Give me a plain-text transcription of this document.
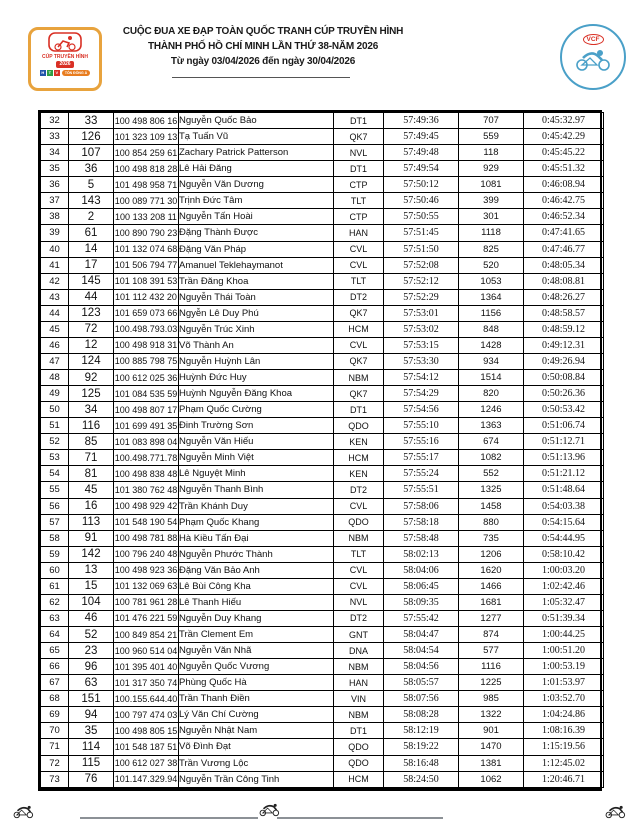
CÚP TRUYỀN HÌNH
2026
H	T	V	TÔN ĐÔNG Á
CUỘC ĐUA XE ĐẠP TOÀN QUỐC TRANH CÚP TRUYỀN HÌNH
THÀNH PHỐ HỒ CHÍ MINH LẦN THỨ 38-NĂM 2026
Từ ngày 03/04/2026 đến ngày 30/04/2026
VCF
32	33	100 498 806 16	Nguyễn Quốc Bảo	DT1	57:49:36	707	0:45:32.97
33	126	101 323 109 13	Tạ Tuấn Vũ	QK7	57:49:45	559	0:45:42.29
34	107	100 854 259 61	Zachary Patrick Patterson	NVL	57:49:48	118	0:45:45.22
35	36	100 498 818 28	Lê Hải Đăng	DT1	57:49:54	929	0:45:51.32
36	5	101 498 958 71	Nguyễn Văn Dương	CTP	57:50:12	1081	0:46:08.94
37	143	100 089 771 30	Trịnh Đức Tâm	TLT	57:50:46	399	0:46:42.75
38	2	100 133 208 11	Nguyễn Tấn Hoài	CTP	57:50:55	301	0:46:52.34
39	61	100 890 790 23	Đặng Thành Được	HAN	57:51:45	1118	0:47:41.65
40	14	101 132 074 68	Đặng Văn Pháp	CVL	57:51:50	825	0:47:46.77
41	17	101 506 794 77	Amanuel Teklehaymanot	CVL	57:52:08	520	0:48:05.34
42	145	101 108 391 53	Trần Đăng Khoa	TLT	57:52:12	1053	0:48:08.81
43	44	101 112 432 20	Nguyễn Thái Toàn	DT2	57:52:29	1364	0:48:26.27
44	123	101 659 073 66	Ngyễn Lê Duy Phú	QK7	57:53:01	1156	0:48:58.57
45	72	100.498.793.03	Nguyễn Trúc Xinh	HCM	57:53:02	848	0:48:59.12
46	12	100 498 918 31	Võ Thành An	CVL	57:53:15	1428	0:49:12.31
47	124	100 885 798 75	Nguyễn Huỳnh Lân	QK7	57:53:30	934	0:49:26.94
48	92	100 612 025 36	Huỳnh Đức Huy	NBM	57:54:12	1514	0:50:08.84
49	125	101 084 535 59	Huỳnh Nguyễn Đăng Khoa	QK7	57:54:29	820	0:50:26.36
50	34	100 498 807 17	Phạm Quốc Cường	DT1	57:54:56	1246	0:50:53.42
51	116	101 699 491 35	Đinh Trường Sơn	QDO	57:55:10	1363	0:51:06.74
52	85	101 083 898 04	Nguyễn Văn Hiếu	KEN	57:55:16	674	0:51:12.71
53	71	100.498.771.78	Nguyễn Minh Việt	HCM	57:55:17	1082	0:51:13.96
54	81	100 498 838 48	Lê Nguyệt Minh	KEN	57:55:24	552	0:51:21.12
55	45	101 380 762 48	Nguyễn Thanh Bình	DT2	57:55:51	1325	0:51:48.64
56	16	100 498 929 42	Trần Khánh Duy	CVL	57:58:06	1458	0:54:03.38
57	113	101 548 190 54	Phạm Quốc Khang	QDO	57:58:18	880	0:54:15.64
58	91	100 498 781 88	Hà Kiều Tấn Đại	NBM	57:58:48	735	0:54:44.95
59	142	100 796 240 48	Nguyễn Phước Thành	TLT	58:02:13	1206	0:58:10.42
60	13	100 498 923 36	Đặng Văn Bảo Anh	CVL	58:04:06	1620	1:00:03.20
61	15	101 132 069 63	Lê Bùi Công Kha	CVL	58:06:45	1466	1:02:42.46
62	104	100 781 961 28	Lê Thanh Hiếu	NVL	58:09:35	1681	1:05:32.47
63	46	101 476 221 59	Nguyễn Duy Khang	DT2	57:55:42	1277	0:51:39.34
64	52	100 849 854 21	Trần Clement Em	GNT	58:04:47	874	1:00:44.25
65	23	100 960 514 04	Nguyễn Văn Nhã	DNA	58:04:54	577	1:00:51.20
66	96	101 395 401 40	Nguyễn Quốc Vương	NBM	58:04:56	1116	1:00:53.19
67	63	101 317 350 74	Phùng Quốc Hà	HAN	58:05:57	1225	1:01:53.97
68	151	100.155.644.40	Trần Thanh Điền	VIN	58:07:56	985	1:03:52.70
69	94	100 797 474 03	Lý Văn Chí Cường	NBM	58:08:28	1322	1:04:24.86
70	35	100 498 805 15	Nguyễn Nhật Nam	DT1	58:12:19	901	1:08:16.39
71	114	101 548 187 51	Võ Đình Đạt	QDO	58:19:22	1470	1:15:19.56
72	115	100 612 027 38	Trần Vương Lộc	QDO	58:16:48	1381	1:12:45.02
73	76	101.147.329.94	Nguyễn Trần Công Tinh	HCM	58:24:50	1062	1:20:46.71
